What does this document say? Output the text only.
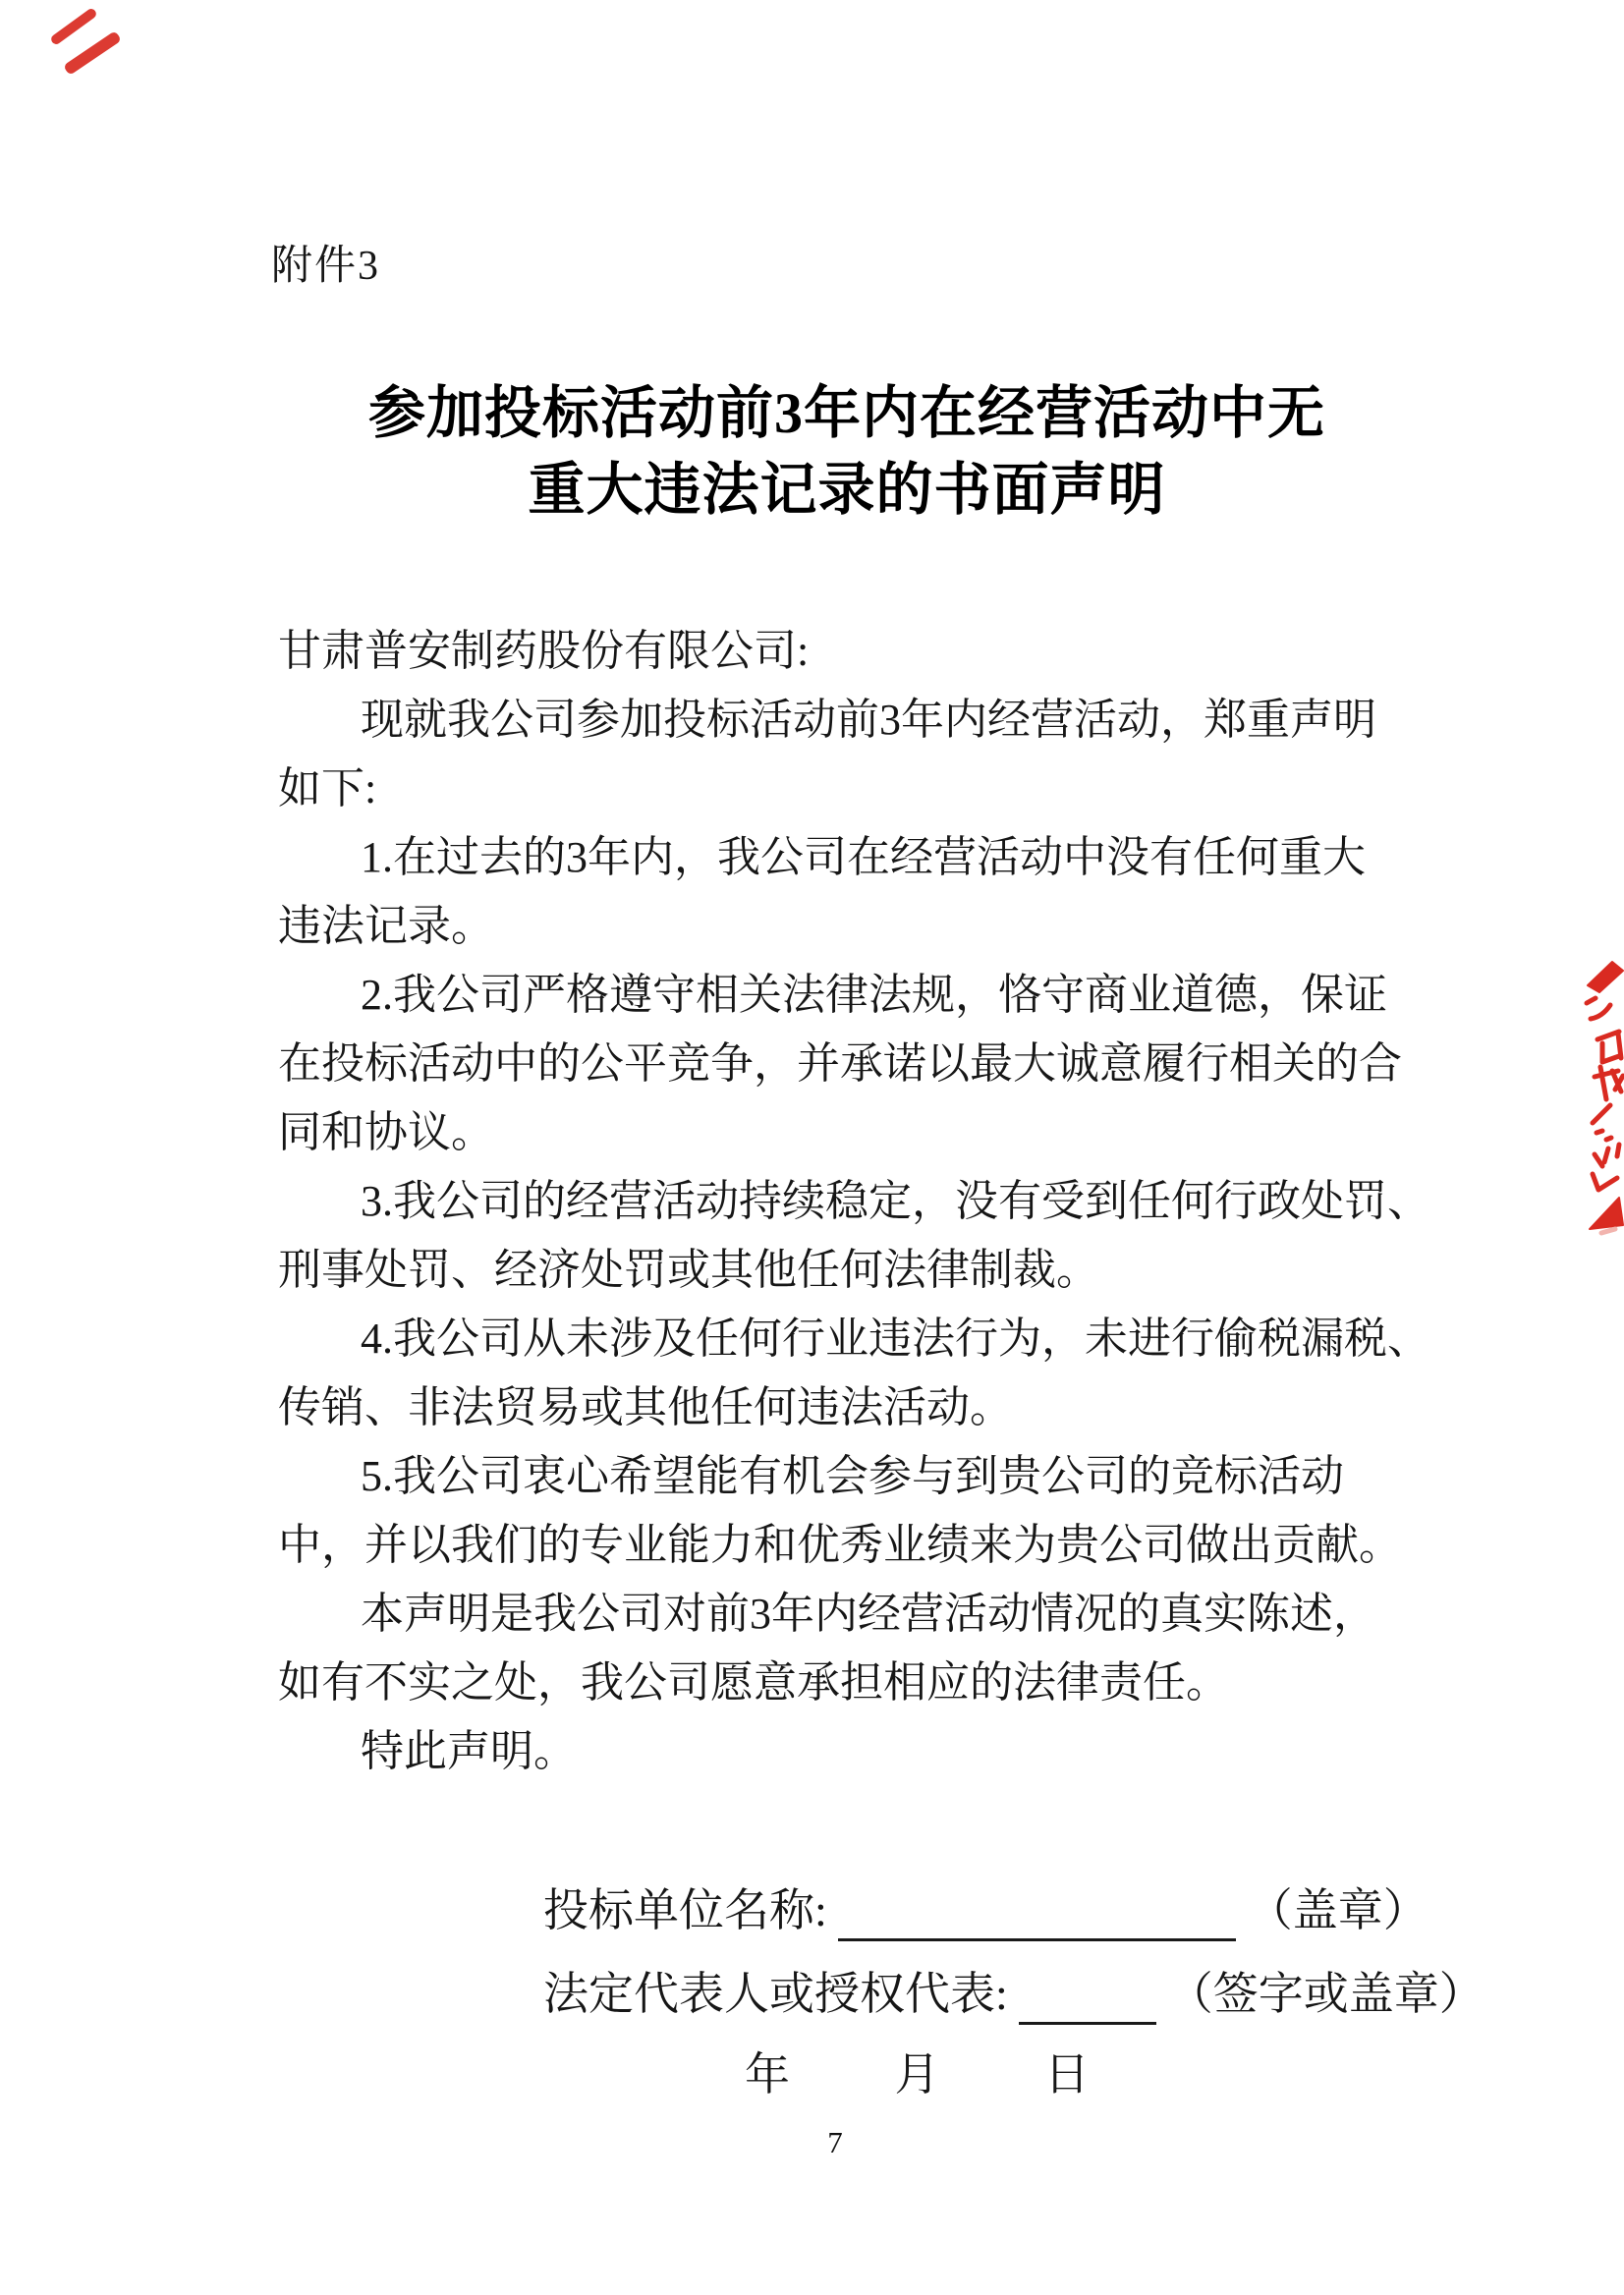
附件3
参加投标活动前3年内在经营活动中无
重大违法记录的书面声明
甘肃普安制药股份有限公司:
现就我公司参加投标活动前3年内经营活动，郑重声明
如下:
1.在过去的3年内，我公司在经营活动中没有任何重大
违法记录。
2.我公司严格遵守相关法律法规，恪守商业道德，保证
在投标活动中的公平竞争，并承诺以最大诚意履行相关的合
同和协议。
3.我公司的经营活动持续稳定，没有受到任何行政处罚、
刑事处罚、经济处罚或其他任何法律制裁。
4.我公司从未涉及任何行业违法行为，未进行偷税漏税、
传销、非法贸易或其他任何违法活动。
5.我公司衷心希望能有机会参与到贵公司的竞标活动
中，并以我们的专业能力和优秀业绩来为贵公司做出贡献。
本声明是我公司对前3年内经营活动情况的真实陈述，
如有不实之处，我公司愿意承担相应的法律责任。
特此声明。
投标单位名称:	（盖章）
法定代表人或授权代表:	（签字或盖章）
年 月 日
7
